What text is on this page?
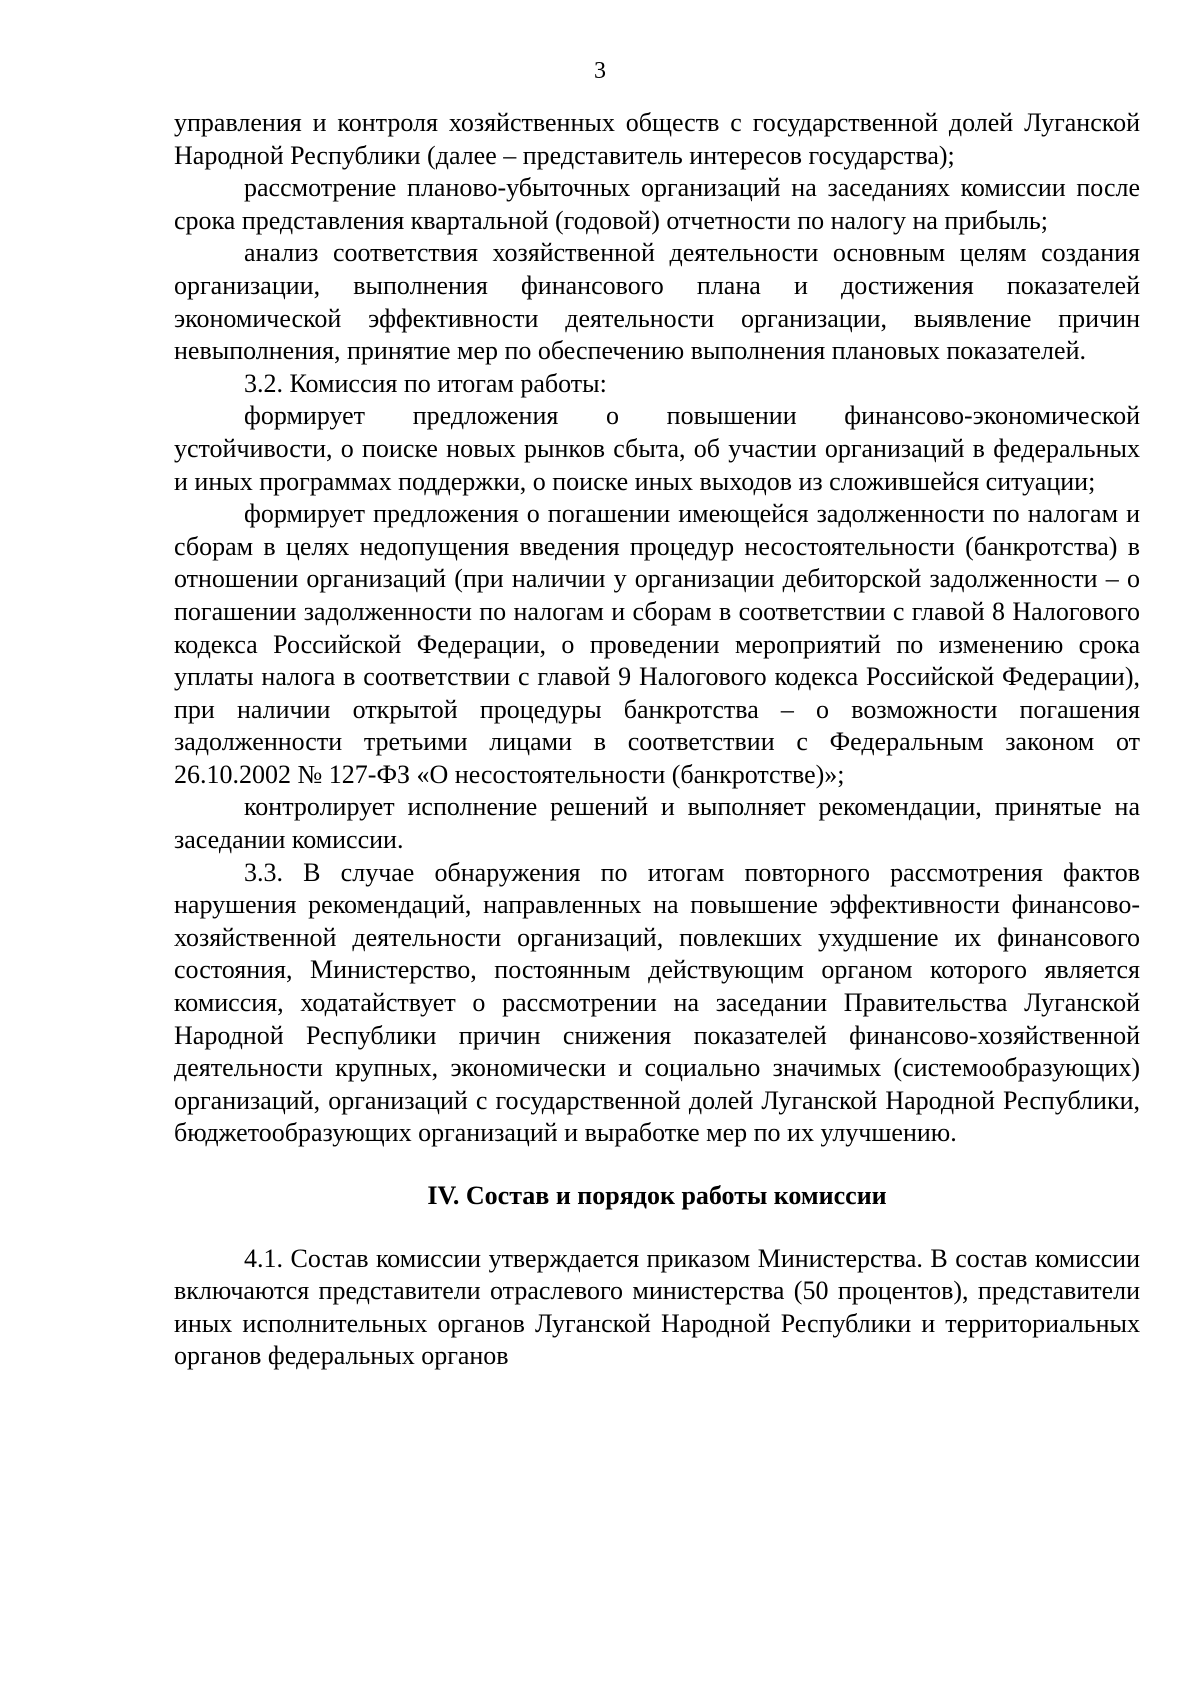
3

управления и контроля хозяйственных обществ с государственной долей Луганской Народной Республики (далее – представитель интересов государства);

рассмотрение планово-убыточных организаций на заседаниях комиссии после срока представления квартальной (годовой) отчетности по налогу на прибыль;

анализ соответствия хозяйственной деятельности основным целям создания организации, выполнения финансового плана и достижения показателей экономической эффективности деятельности организации, выявление причин невыполнения, принятие мер по обеспечению выполнения плановых показателей.

3.2. Комиссия по итогам работы:

формирует предложения о повышении финансово-экономической устойчивости, о поиске новых рынков сбыта, об участии организаций в федеральных и иных программах поддержки, о поиске иных выходов из сложившейся ситуации;

формирует предложения о погашении имеющейся задолженности по налогам и сборам в целях недопущения введения процедур несостоятельности (банкротства) в отношении организаций (при наличии у организации дебиторской задолженности – о погашении задолженности по налогам и сборам в соответствии с главой 8 Налогового кодекса Российской Федерации, о проведении мероприятий по изменению срока уплаты налога в соответствии с главой 9 Налогового кодекса Российской Федерации), при наличии открытой процедуры банкротства – о возможности погашения задолженности третьими лицами в соответствии с Федеральным законом от 26.10.2002 № 127-ФЗ «О несостоятельности (банкротстве)»;

контролирует исполнение решений и выполняет рекомендации, принятые на заседании комиссии.

3.3. В случае обнаружения по итогам повторного рассмотрения фактов нарушения рекомендаций, направленных на повышение эффективности финансово-хозяйственной деятельности организаций, повлекших ухудшение их финансового состояния, Министерство, постоянным действующим органом которого является комиссия, ходатайствует о рассмотрении на заседании Правительства Луганской Народной Республики причин снижения показателей финансово-хозяйственной деятельности крупных, экономически и социально значимых (системообразующих) организаций, организаций с государственной долей Луганской Народной Республики, бюджетообразующих организаций и выработке мер по их улучшению.

IV. Состав и порядок работы комиссии

4.1. Состав комиссии утверждается приказом Министерства. В состав комиссии включаются представители отраслевого министерства (50 процентов), представители иных исполнительных органов Луганской Народной Республики и территориальных органов федеральных органов
